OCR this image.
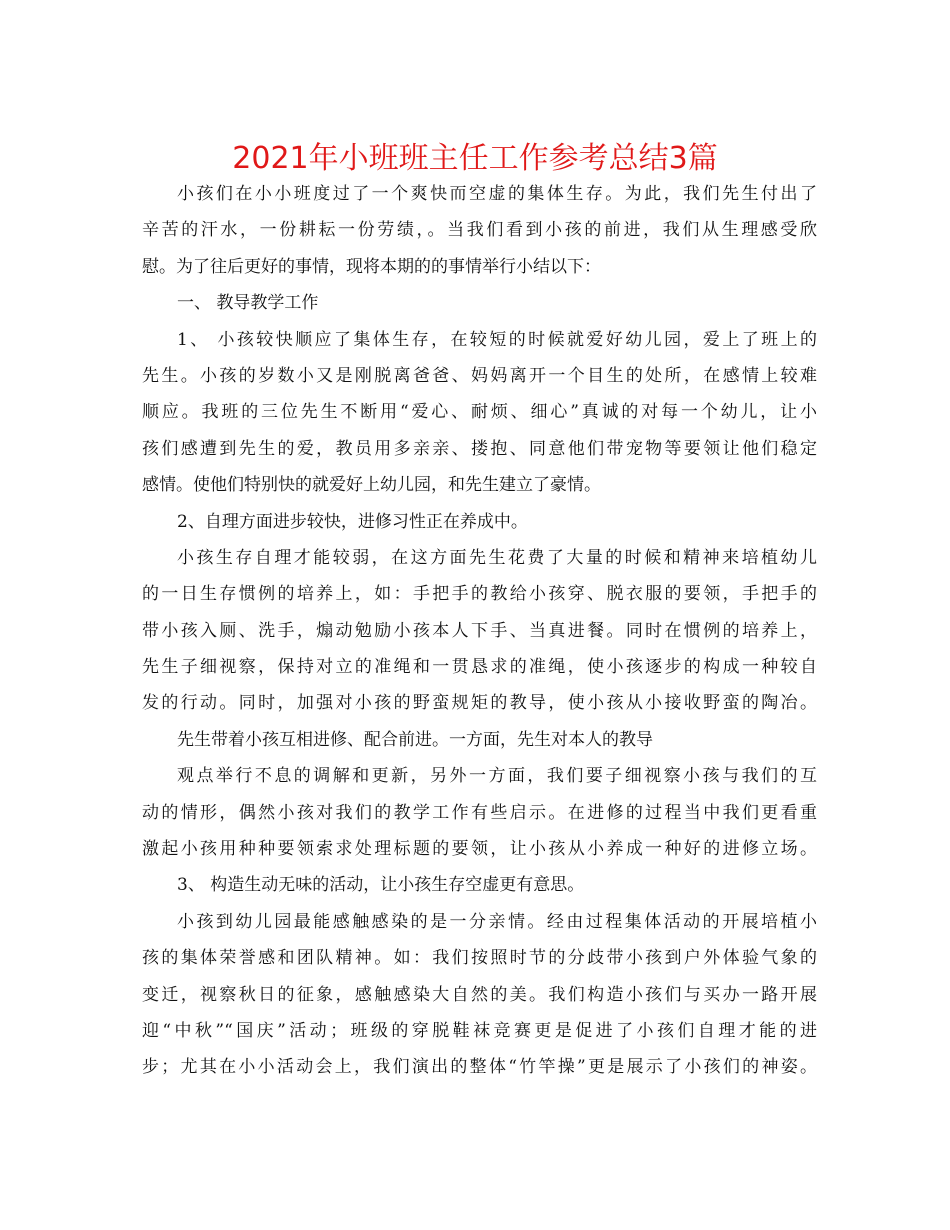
2021年小班班主任工作参考总结3篇
小孩们在小小班度过了一个爽快而空虚的集体生存。为此，我们先生付出了
辛苦的汗水，一份耕耘一份劳绩，。当我们看到小孩的前进，我们从生理感受欣
慰。为了往后更好的事情，现将本期的的事情举行小结以下：
一、 教导教学工作
1、 小孩较快顺应了集体生存，在较短的时候就爱好幼儿园，爱上了班上的
先生。小孩的岁数小又是刚脱离爸爸、妈妈离开一个目生的处所，在感情上较难
顺应。我班的三位先生不断用“爱心、耐烦、细心”真诚的对每一个幼儿，让小
孩们感遭到先生的爱，教员用多亲亲、搂抱、同意他们带宠物等要领让他们稳定
感情。使他们特别快的就爱好上幼儿园，和先生建立了豪情。
2、自理方面进步较快，进修习性正在养成中。
小孩生存自理才能较弱，在这方面先生花费了大量的时候和精神来培植幼儿
的一日生存惯例的培养上，如：手把手的教给小孩穿、脱衣服的要领，手把手的
带小孩入厕、洗手，煽动勉励小孩本人下手、当真进餐。同时在惯例的培养上，
先生子细视察，保持对立的准绳和一贯恳求的准绳，使小孩逐步的构成一种较自
发的行动。同时，加强对小孩的野蛮规矩的教导，使小孩从小接收野蛮的陶冶。
先生带着小孩互相进修、配合前进。一方面，先生对本人的教导
观点举行不息的调解和更新，另外一方面，我们要子细视察小孩与我们的互
动的情形，偶然小孩对我们的教学工作有些启示。在进修的过程当中我们更看重
激起小孩用种种要领索求处理标题的要领，让小孩从小养成一种好的进修立场。
3、 构造生动无味的活动，让小孩生存空虚更有意思。
小孩到幼儿园最能感触感染的是一分亲情。经由过程集体活动的开展培植小
孩的集体荣誉感和团队精神。如：我们按照时节的分歧带小孩到户外体验气象的
变迁，视察秋日的征象，感触感染大自然的美。我们构造小孩们与买办一路开展
迎“中秋”“国庆”活动；班级的穿脱鞋袜竞赛更是促进了小孩们自理才能的进
步；尤其在小小活动会上，我们演出的整体“竹竿操”更是展示了小孩们的神姿。
